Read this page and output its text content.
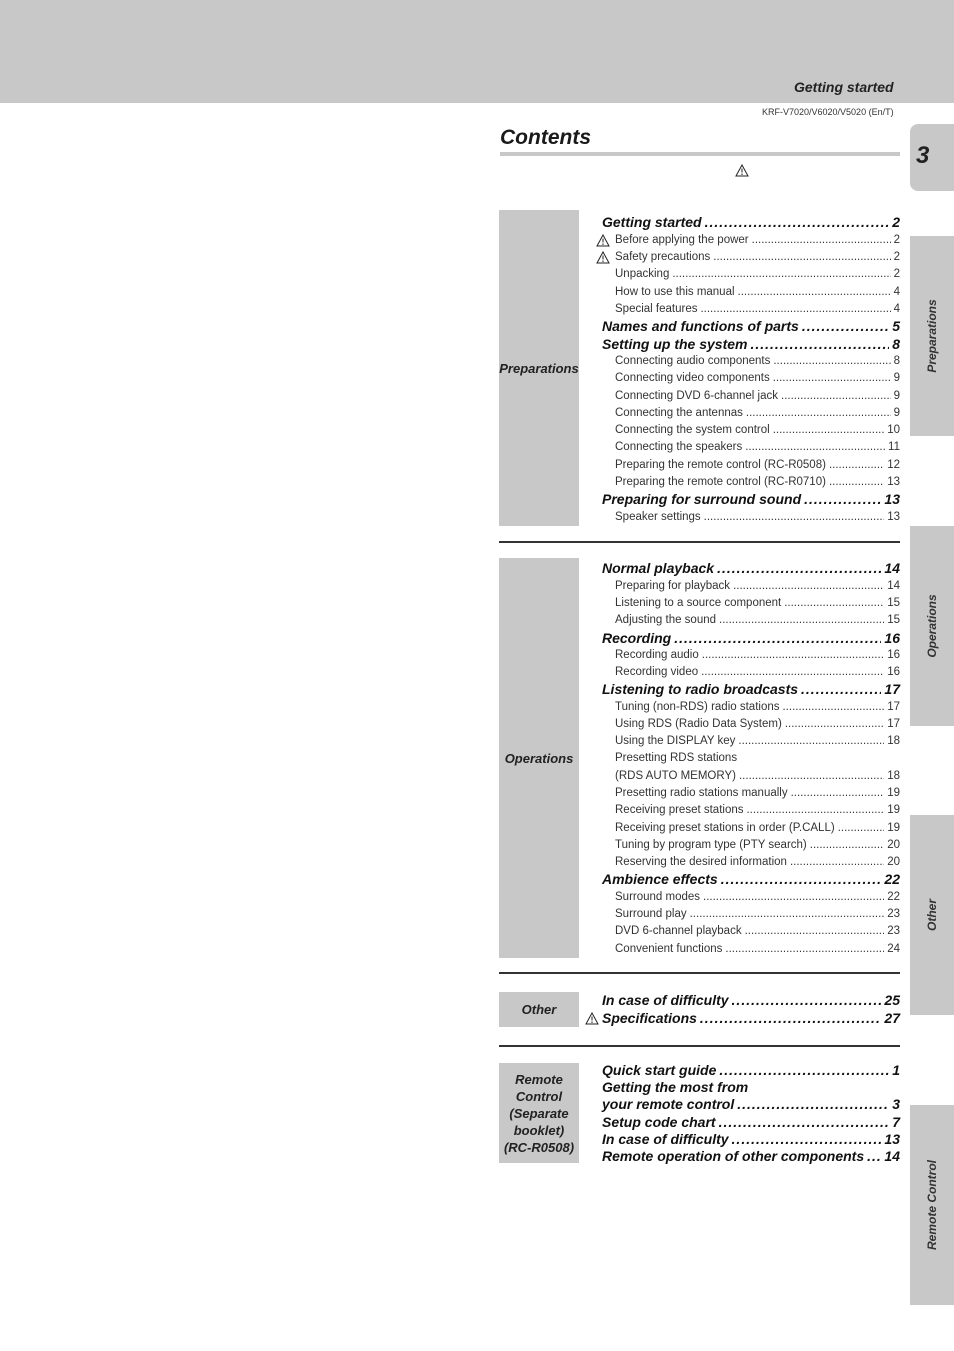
Getting started
KRF-V7020/V6020/V5020 (En/T)
Contents
3
Preparations
Operations
Other
Remote Control
Preparations
Operations
Other
Remote
Control
(Separate
booklet)
(RC-R0508)
Getting started .....	2
Before applying the power .....	2
Safety precautions .....	2
Unpacking .....	2
How to use this manual .....	4
Special features .....	4
Names and functions of parts .....	5
Setting up the system .....	8
Connecting audio components .....	8
Connecting video components .....	9
Connecting DVD 6-channel jack .....	9
Connecting the antennas .....	9
Connecting the system control .....	10
Connecting the speakers .....	11
Preparing the remote control (RC-R0508) .....	12
Preparing the remote control (RC-R0710) .....	13
Preparing for surround sound .....	13
Speaker settings .....	13
Normal playback .....	14
Preparing for playback .....	14
Listening to a source component .....	15
Adjusting the sound .....	15
Recording .....	16
Recording audio .....	16
Recording video .....	16
Listening to radio broadcasts .....	17
Tuning (non-RDS) radio stations .....	17
Using RDS (Radio Data System) .....	17
Using the DISPLAY key .....	18
Presetting RDS stations
(RDS AUTO MEMORY) .....	18
Presetting radio stations manually .....	19
Receiving preset stations .....	19
Receiving preset stations in order (P.CALL) .....	19
Tuning by program type (PTY search) .....	20
Reserving the desired information .....	20
Ambience effects .....	22
Surround modes .....	22
Surround play .....	23
DVD 6-channel playback .....	23
Convenient functions .....	24
In case of difficulty .....	25
Specifications .....	27
Quick start guide .....	1
Getting the most from
your remote control .....	3
Setup code chart .....	7
In case of difficulty .....	13
Remote operation of other components ..... 14
